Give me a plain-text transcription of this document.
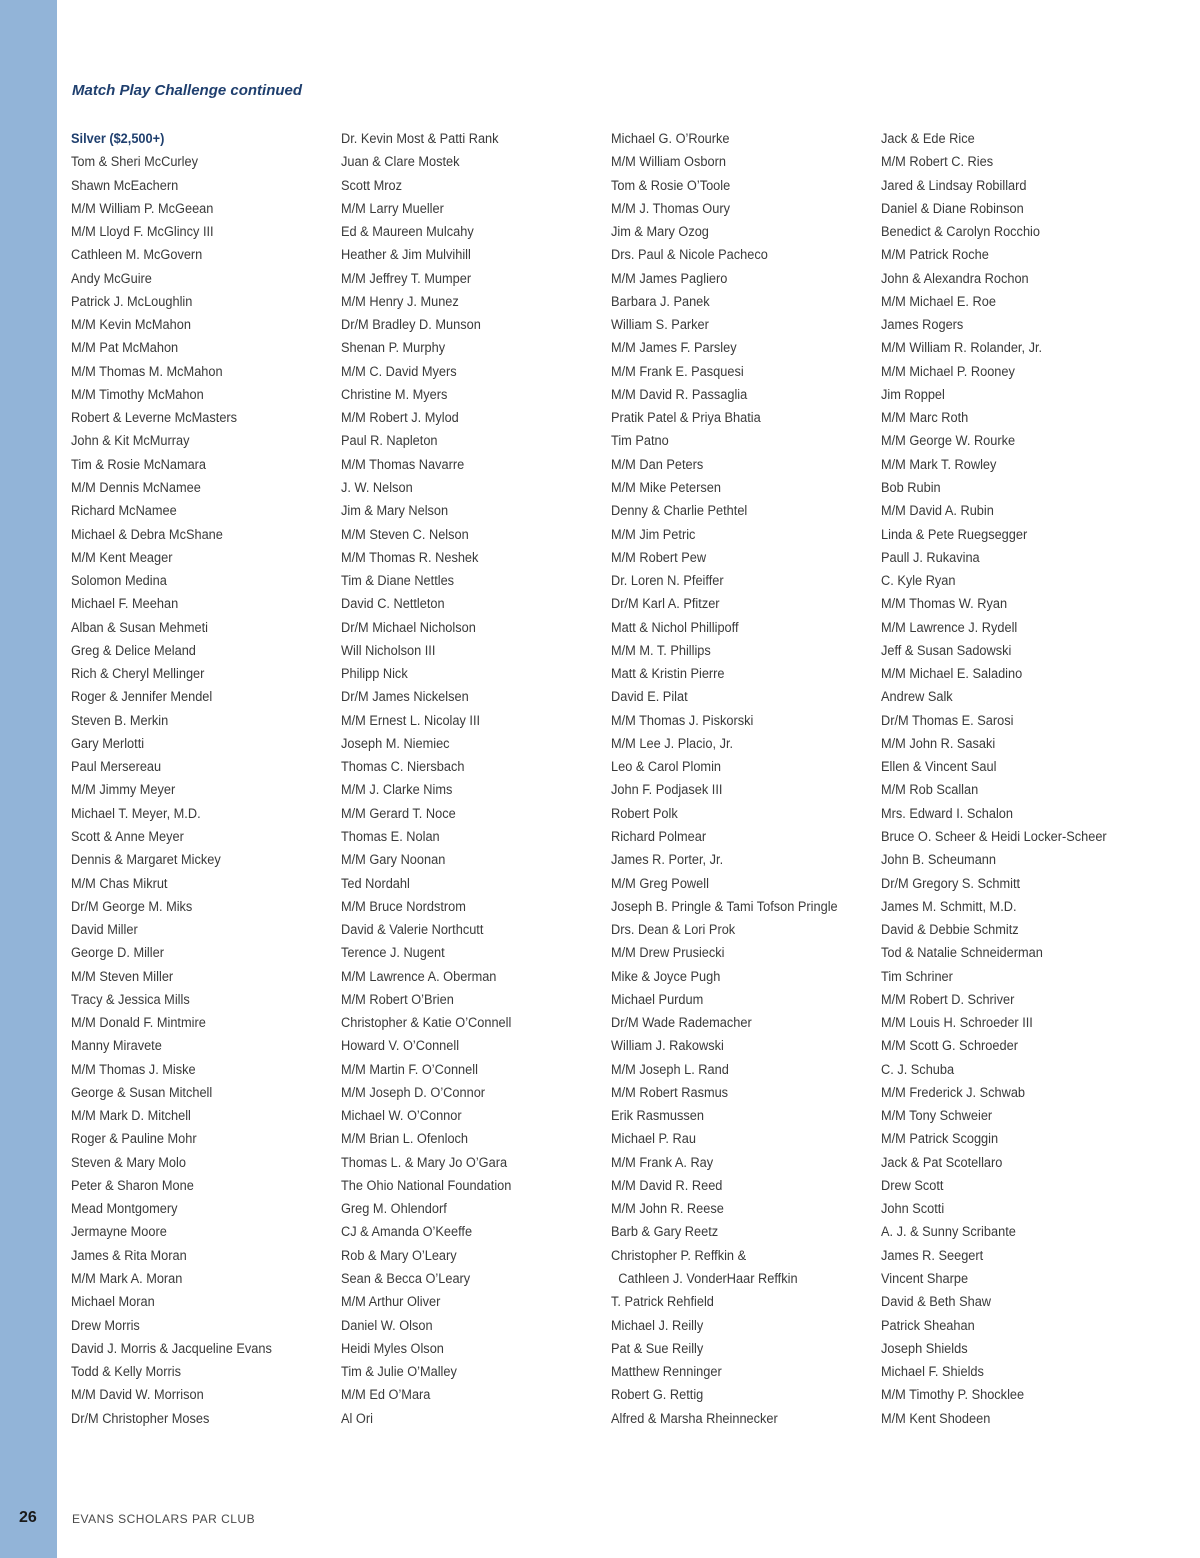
Match Play Challenge continued
Silver ($2,500+)
Tom & Sheri McCurley
Shawn McEachern
M/M William P. McGeean
M/M Lloyd F. McGlincy III
Cathleen M. McGovern
Andy McGuire
Patrick J. McLoughlin
M/M Kevin McMahon
M/M Pat McMahon
M/M Thomas M. McMahon
M/M Timothy McMahon
Robert & Leverne McMasters
John & Kit McMurray
Tim & Rosie McNamara
M/M Dennis McNamee
Richard McNamee
Michael & Debra McShane
M/M Kent Meager
Solomon Medina
Michael F. Meehan
Alban & Susan Mehmeti
Greg & Delice Meland
Rich & Cheryl Mellinger
Roger & Jennifer Mendel
Steven B. Merkin
Gary Merlotti
Paul Mersereau
M/M Jimmy Meyer
Michael T. Meyer, M.D.
Scott & Anne Meyer
Dennis & Margaret Mickey
M/M Chas Mikrut
Dr/M George M. Miks
David Miller
George D. Miller
M/M Steven Miller
Tracy & Jessica Mills
M/M Donald F. Mintmire
Manny Miravete
M/M Thomas J. Miske
George & Susan Mitchell
M/M Mark D. Mitchell
Roger & Pauline Mohr
Steven & Mary Molo
Peter & Sharon Mone
Mead Montgomery
Jermayne Moore
James & Rita Moran
M/M Mark A. Moran
Michael Moran
Drew Morris
David J. Morris & Jacqueline Evans
Todd & Kelly Morris
M/M David W. Morrison
Dr/M Christopher Moses
Dr. Kevin Most & Patti Rank
Juan & Clare Mostek
Scott Mroz
M/M Larry Mueller
Ed & Maureen Mulcahy
Heather & Jim Mulvihill
M/M Jeffrey T. Mumper
M/M Henry J. Munez
Dr/M Bradley D. Munson
Shenan P. Murphy
M/M C. David Myers
Christine M. Myers
M/M Robert J. Mylod
Paul R. Napleton
M/M Thomas Navarre
J. W. Nelson
Jim & Mary Nelson
M/M Steven C. Nelson
M/M Thomas R. Neshek
Tim & Diane Nettles
David C. Nettleton
Dr/M Michael Nicholson
Will Nicholson III
Philipp Nick
Dr/M James Nickelsen
M/M Ernest L. Nicolay III
Joseph M. Niemiec
Thomas C. Niersbach
M/M J. Clarke Nims
M/M Gerard T. Noce
Thomas E. Nolan
M/M Gary Noonan
Ted Nordahl
M/M Bruce Nordstrom
David & Valerie Northcutt
Terence J. Nugent
M/M Lawrence A. Oberman
M/M Robert O’Brien
Christopher & Katie O’Connell
Howard V. O’Connell
M/M Martin F. O’Connell
M/M Joseph D. O’Connor
Michael W. O’Connor
M/M Brian L. Ofenloch
Thomas L. & Mary Jo O’Gara
The Ohio National Foundation
Greg M. Ohlendorf
CJ & Amanda O’Keeffe
Rob & Mary O’Leary
Sean & Becca O’Leary
M/M Arthur Oliver
Daniel W. Olson
Heidi Myles Olson
Tim & Julie O’Malley
M/M Ed O’Mara
Al Ori
Michael G. O’Rourke
M/M William Osborn
Tom & Rosie O’Toole
M/M J. Thomas Oury
Jim & Mary Ozog
Drs. Paul & Nicole Pacheco
M/M James Pagliero
Barbara J. Panek
William S. Parker
M/M James F. Parsley
M/M Frank E. Pasquesi
M/M David R. Passaglia
Pratik Patel & Priya Bhatia
Tim Patno
M/M Dan Peters
M/M Mike Petersen
Denny & Charlie Pethtel
M/M Jim Petric
M/M Robert Pew
Dr. Loren N. Pfeiffer
Dr/M Karl A. Pfitzer
Matt & Nichol Phillipoff
M/M M. T. Phillips
Matt & Kristin Pierre
David E. Pilat
M/M Thomas J. Piskorski
M/M Lee J. Placio, Jr.
Leo & Carol Plomin
John F. Podjasek III
Robert Polk
Richard Polmear
James R. Porter, Jr.
M/M Greg Powell
Joseph B. Pringle & Tami Tofson Pringle
Drs. Dean & Lori Prok
M/M Drew Prusiecki
Mike & Joyce Pugh
Michael Purdum
Dr/M Wade Rademacher
William J. Rakowski
M/M Joseph L. Rand
M/M Robert Rasmus
Erik Rasmussen
Michael P. Rau
M/M Frank A. Ray
M/M David R. Reed
M/M John R. Reese
Barb & Gary Reetz
Christopher P. Reffkin &
Cathleen J. VonderHaar Reffkin
T. Patrick Rehfield
Michael J. Reilly
Pat & Sue Reilly
Matthew Renninger
Robert G. Rettig
Alfred & Marsha Rheinnecker
Jack & Ede Rice
M/M Robert C. Ries
Jared & Lindsay Robillard
Daniel & Diane Robinson
Benedict & Carolyn Rocchio
M/M Patrick Roche
John & Alexandra Rochon
M/M Michael E. Roe
James Rogers
M/M William R. Rolander, Jr.
M/M Michael P. Rooney
Jim Roppel
M/M Marc Roth
M/M George W. Rourke
M/M Mark T. Rowley
Bob Rubin
M/M David A. Rubin
Linda & Pete Ruegsegger
Paull J. Rukavina
C. Kyle Ryan
M/M Thomas W. Ryan
M/M Lawrence J. Rydell
Jeff & Susan Sadowski
M/M Michael E. Saladino
Andrew Salk
Dr/M Thomas E. Sarosi
M/M John R. Sasaki
Ellen & Vincent Saul
M/M Rob Scallan
Mrs. Edward I. Schalon
Bruce O. Scheer & Heidi Locker-Scheer
John B. Scheumann
Dr/M Gregory S. Schmitt
James M. Schmitt, M.D.
David & Debbie Schmitz
Tod & Natalie Schneiderman
Tim Schriner
M/M Robert D. Schriver
M/M Louis H. Schroeder III
M/M Scott G. Schroeder
C. J. Schuba
M/M Frederick J. Schwab
M/M Tony Schweier
M/M Patrick Scoggin
Jack & Pat Scotellaro
Drew Scott
John Scotti
A. J. & Sunny Scribante
James R. Seegert
Vincent Sharpe
David & Beth Shaw
Patrick Sheahan
Joseph Shields
Michael F. Shields
M/M Timothy P. Shocklee
M/M Kent Shodeen
26	EVANS SCHOLARS PAR CLUB
